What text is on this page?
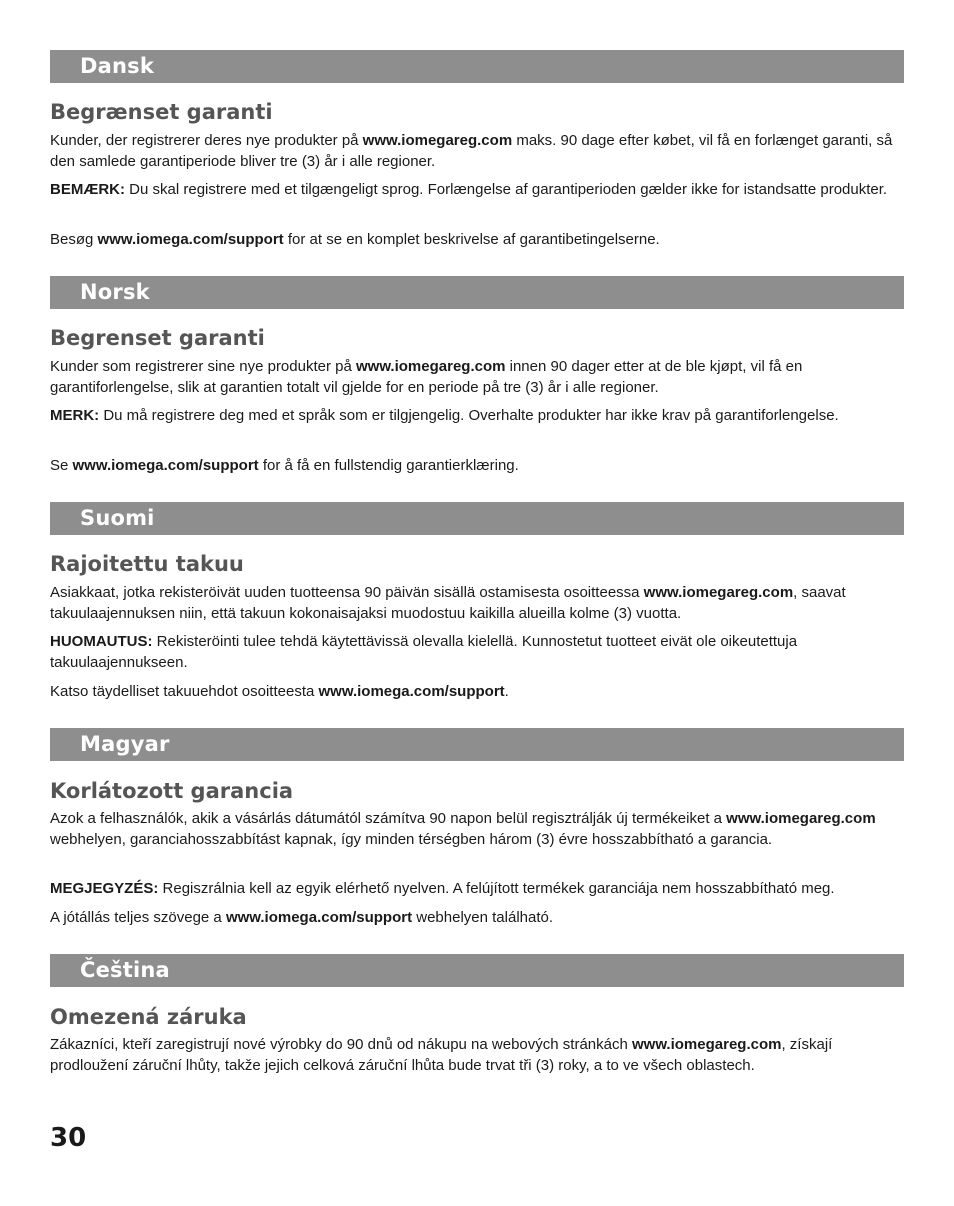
Dansk
Begrænset garanti

Kunder, der registrerer deres nye produkter på www.iomegareg.com maks. 90 dage efter købet, vil få en forlænget garanti, så den samlede garantiperiode bliver tre (3) år i alle regioner.

BEMÆRK: Du skal registrere med et tilgængeligt sprog. Forlængelse af garantiperioden gælder ikke for istandsatte produkter.

Besøg www.iomega.com/support for at se en komplet beskrivelse af garantibetingelserne.

Norsk
Begrenset garanti

Kunder som registrerer sine nye produkter på www.iomegareg.com innen 90 dager etter at de ble kjøpt, vil få en garantiforlengelse, slik at garantien totalt vil gjelde for en periode på tre (3) år i alle regioner.

MERK: Du må registrere deg med et språk som er tilgjengelig. Overhalte produkter har ikke krav på garantiforlengelse.

Se www.iomega.com/support for å få en fullstendig garantierklæring.

Suomi
Rajoitettu takuu

Asiakkaat, jotka rekisteröivät uuden tuotteensa 90 päivän sisällä ostamisesta osoitteessa www.iomegareg.com, saavat takuulaajennuksen niin, että takuun kokonaisajaksi muodostuu kaikilla alueilla kolme (3) vuotta.

HUOMAUTUS: Rekisteröinti tulee tehdä käytettävissä olevalla kielellä. Kunnostetut tuotteet eivät ole oikeutettuja takuulaajennukseen.

Katso täydelliset takuuehdot osoitteesta www.iomega.com/support.

Magyar
Korlátozott garancia

Azok a felhasználók, akik a vásárlás dátumától számítva 90 napon belül regisztrálják új termékeiket a www.iomegareg.com webhelyen, garanciahosszabbítást kapnak, így minden térségben három (3) évre hosszabbítható a garancia.

MEGJEGYZÉS: Regiszrálnia kell az egyik elérhető nyelven. A felújított termékek garanciája nem hosszabbítható meg.

A jótállás teljes szövege a www.iomega.com/support webhelyen található.

Čeština
Omezená záruka

Zákazníci, kteří zaregistrují nové výrobky do 90 dnů od nákupu na webových stránkách www.iomegareg.com, získají prodloužení záruční lhůty, takže jejich celková záruční lhůta bude trvat tři (3) roky, a to ve všech oblastech.

30
